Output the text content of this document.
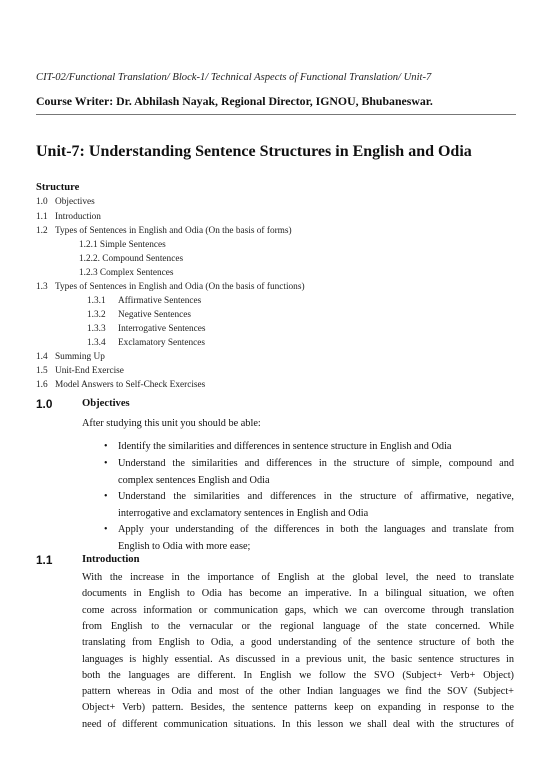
CIT-02/Functional Translation/ Block-1/ Technical Aspects of Functional Translation/ Unit-7
Course Writer: Dr. Abhilash Nayak, Regional Director, IGNOU, Bhubaneswar.
Unit-7: Understanding Sentence Structures in English and Odia
Structure
1.0 Objectives
1.1 Introduction
1.2 Types of Sentences in English and Odia (On the basis of forms)
1.2.1 Simple Sentences
1.2.2. Compound Sentences
1.2.3 Complex Sentences
1.3 Types of Sentences in English and Odia (On the basis of functions)
1.3.1 Affirmative Sentences
1.3.2 Negative Sentences
1.3.3 Interrogative Sentences
1.3.4 Exclamatory Sentences
1.4 Summing Up
1.5 Unit-End Exercise
1.6 Model Answers to Self-Check Exercises
1.0	Objectives
After studying this unit you should be able:
• Identify the similarities and differences in sentence structure in English and Odia
• Understand the similarities and differences in the structure of simple, compound and
complex sentences English and Odia
• Understand the similarities and differences in the structure of affirmative, negative,
interrogative and exclamatory sentences in English and Odia
• Apply your understanding of the differences in both the languages and translate from
English to Odia with more ease;
1.1	Introduction
With the increase in the importance of English at the global level, the need to translate
documents in English to Odia has become an imperative. In a bilingual situation, we often
come across information or communication gaps, which we can overcome through translation
from English to the vernacular or the regional language of the state concerned. While
translating from English to Odia, a good understanding of the sentence structure of both the
languages is highly essential. As discussed in a previous unit, the basic sentence structures in
both the languages are different. In English we follow the SVO (Subject+ Verb+ Object)
pattern whereas in Odia and most of the other Indian languages we find the SOV (Subject+
Object+ Verb) pattern. Besides, the sentence patterns keep on expanding in response to the
need of different communication situations. In this lesson we shall deal with the structures of
